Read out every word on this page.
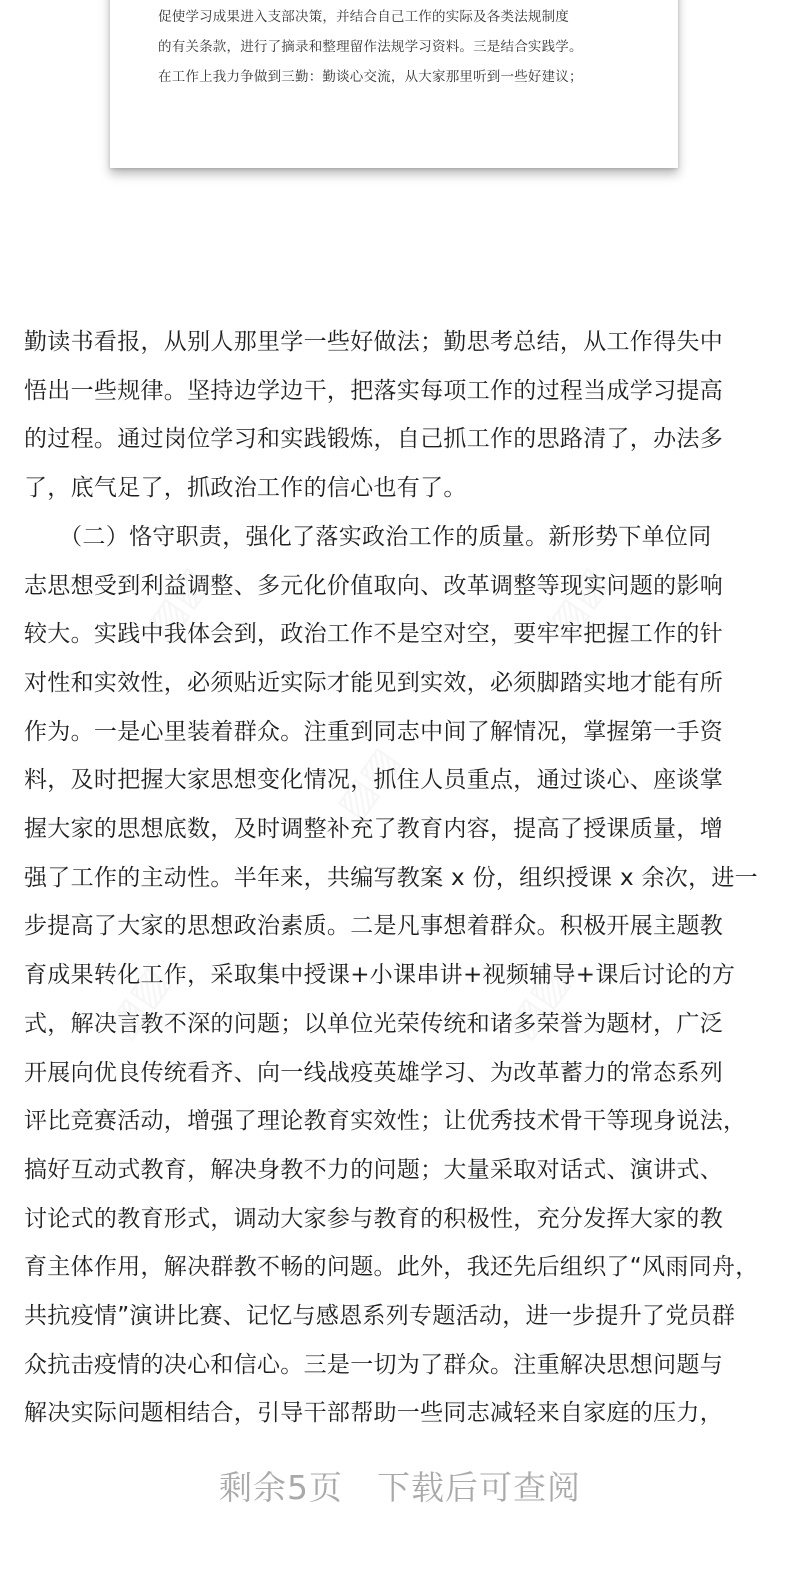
促使学习成果进入支部决策，并结合自己工作的实际及各类法规制度
的有关条款，进行了摘录和整理留作法规学习资料。三是结合实践学。
在工作上我力争做到三勤：勤谈心交流，从大家那里听到一些好建议；

勤读书看报，从别人那里学一些好做法；勤思考总结，从工作得失中
悟出一些规律。坚持边学边干，把落实每项工作的过程当成学习提高
的过程。通过岗位学习和实践锻炼，自己抓工作的思路清了，办法多
了，底气足了，抓政治工作的信心也有了。
　　（二）恪守职责，强化了落实政治工作的质量。新形势下单位同
志思想受到利益调整、多元化价值取向、改革调整等现实问题的影响
较大。实践中我体会到，政治工作不是空对空，要牢牢把握工作的针
对性和实效性，必须贴近实际才能见到实效，必须脚踏实地才能有所
作为。一是心里装着群众。注重到同志中间了解情况，掌握第一手资
料，及时把握大家思想变化情况，抓住人员重点，通过谈心、座谈掌
握大家的思想底数，及时调整补充了教育内容，提高了授课质量，增
强了工作的主动性。半年来，共编写教案 x 份，组织授课 x 余次，进一
步提高了大家的思想政治素质。二是凡事想着群众。积极开展主题教
育成果转化工作，采取集中授课+小课串讲+视频辅导+课后讨论的方
式，解决言教不深的问题；以单位光荣传统和诸多荣誉为题材，广泛
开展向优良传统看齐、向一线战疫英雄学习、为改革蓄力的常态系列
评比竞赛活动，增强了理论教育实效性；让优秀技术骨干等现身说法，
搞好互动式教育，解决身教不力的问题；大量采取对话式、演讲式、
讨论式的教育形式，调动大家参与教育的积极性，充分发挥大家的教
育主体作用，解决群教不畅的问题。此外，我还先后组织了“风雨同舟，
共抗疫情”演讲比赛、记忆与感恩系列专题活动，进一步提升了党员群
众抗击疫情的决心和信心。三是一切为了群众。注重解决思想问题与
解决实际问题相结合，引导干部帮助一些同志减轻来自家庭的压力，

剩余5页 下载后可查阅
